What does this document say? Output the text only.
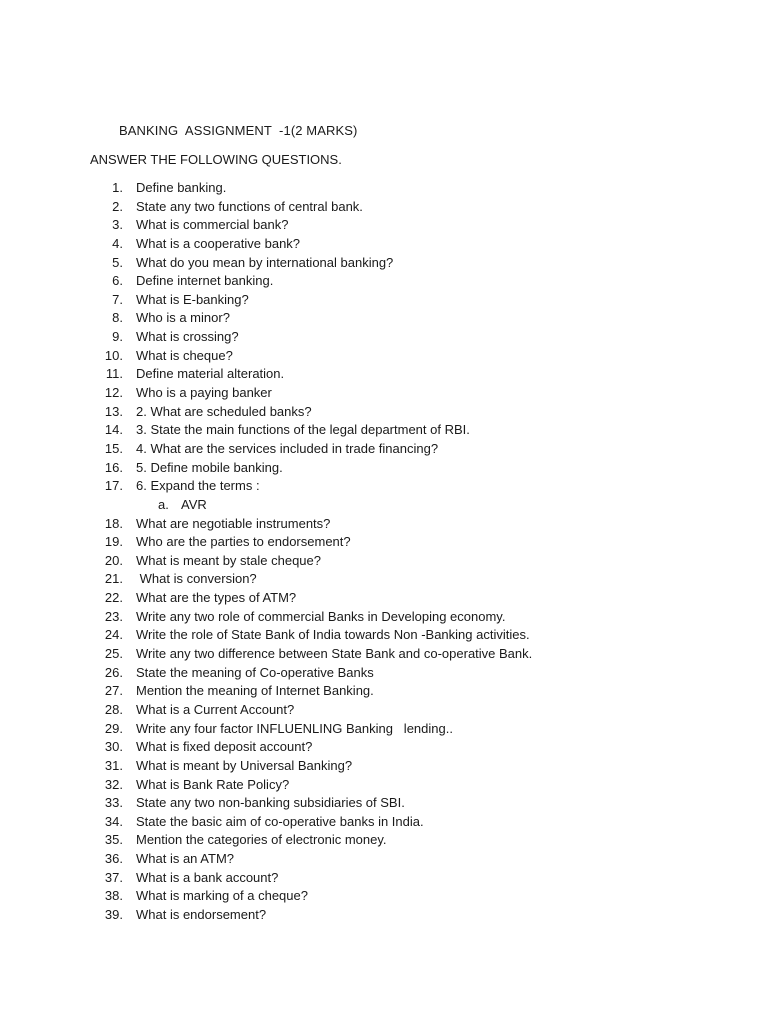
BANKING  ASSIGNMENT  -1(2 MARKS)
ANSWER THE FOLLOWING QUESTIONS.
1. Define banking.
2. State any two functions of central bank.
3. What is commercial bank?
4. What is a cooperative bank?
5. What do you mean by international banking?
6. Define internet banking.
7. What is E-banking?
8. Who is a minor?
9. What is crossing?
10. What is cheque?
11. Define material alteration.
12. Who is a paying banker
13. 2. What are scheduled banks?
14. 3. State the main functions of the legal department of RBI.
15. 4. What are the services included in trade financing?
16. 5. Define mobile banking.
17. 6. Expand the terms :
a. AVR
18. What are negotiable instruments?
19. Who are the parties to endorsement?
20. What is meant by stale cheque?
21. What is conversion?
22. What are the types of ATM?
23. Write any two role of commercial Banks in Developing economy.
24. Write the role of State Bank of India towards Non -Banking activities.
25. Write any two difference between State Bank and co-operative Bank.
26. State the meaning of Co-operative Banks
27. Mention the meaning of Internet Banking.
28. What is a Current Account?
29. Write any four factor INFLUENLING Banking   lending..
30. What is fixed deposit account?
31. What is meant by Universal Banking?
32. What is Bank Rate Policy?
33. State any two non-banking subsidiaries of SBI.
34. State the basic aim of co-operative banks in India.
35. Mention the categories of electronic money.
36. What is an ATM?
37. What is a bank account?
38. What is marking of a cheque?
39. What is endorsement?
